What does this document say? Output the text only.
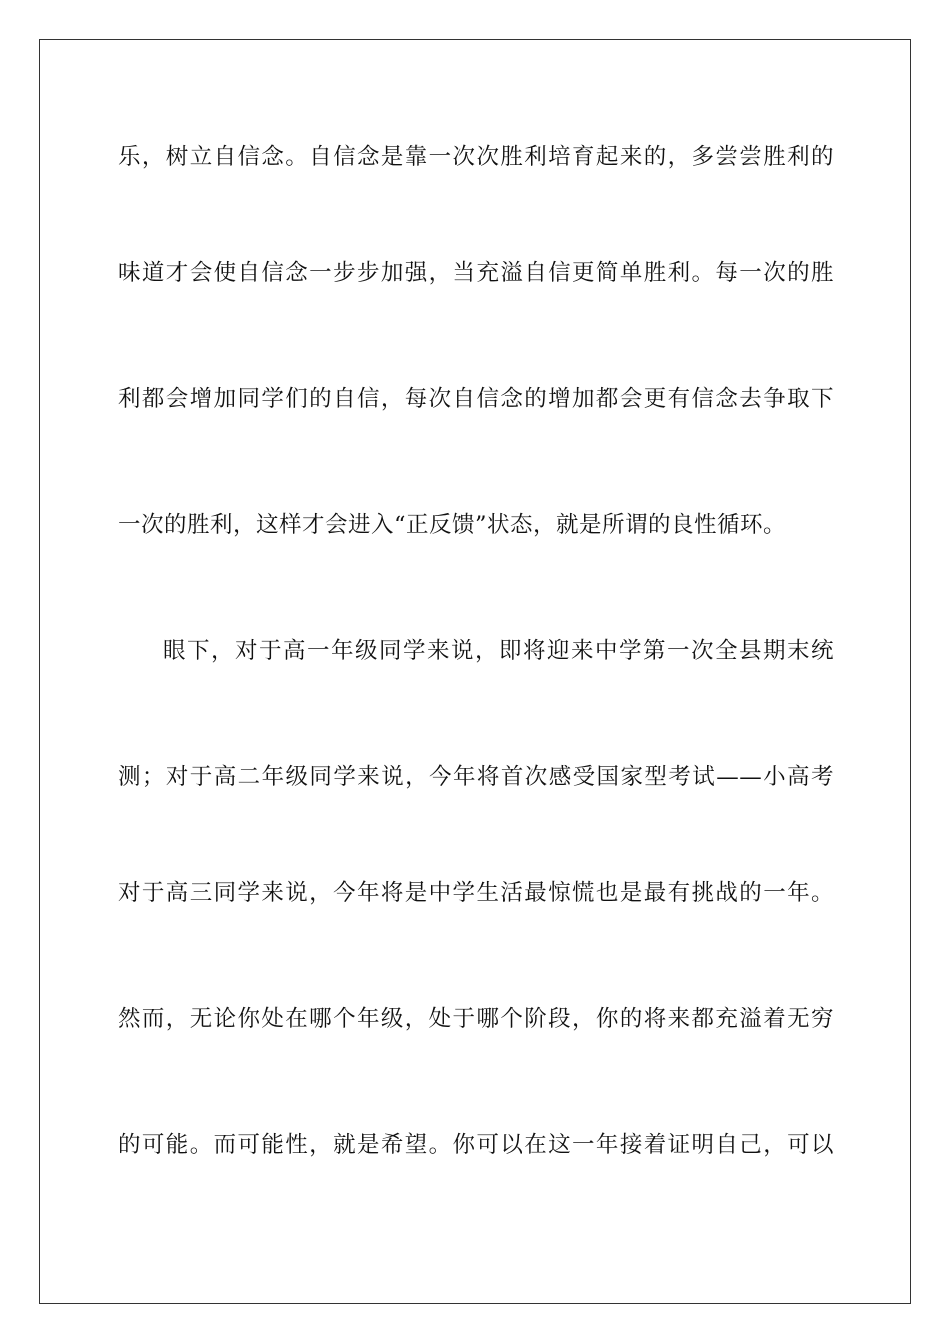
乐，树立自信念。自信念是靠一次次胜利培育起来的，多尝尝胜利的
味道才会使自信念一步步加强，当充溢自信更简单胜利。每一次的胜
利都会增加同学们的自信，每次自信念的增加都会更有信念去争取下
一次的胜利，这样才会进入“正反馈”状态，就是所谓的良性循环。
眼下，对于高一年级同学来说，即将迎来中学第一次全县期末统
测；对于高二年级同学来说，今年将首次感受国家型考试——小高考
对于高三同学来说，今年将是中学生活最惊慌也是最有挑战的一年。
然而，无论你处在哪个年级，处于哪个阶段，你的将来都充溢着无穷
的可能。而可能性，就是希望。你可以在这一年接着证明自己，可以
